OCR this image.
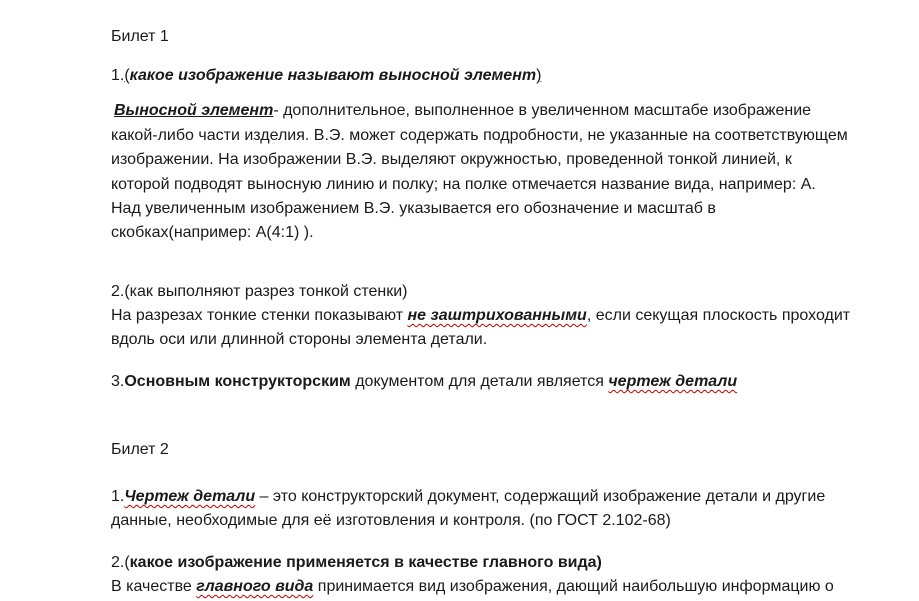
Билет 1
1.(какое изображение называют выносной элемент)
Выносной элемент- дополнительное, выполненное в увеличенном масштабе изображение
какой-либо части изделия. В.Э. может содержать подробности, не указанные на соответствующем
изображении. На изображении В.Э. выделяют окружностью, проведенной тонкой линией, к
которой подводят выносную линию и полку; на полке отмечается название вида, например: А.
Над увеличенным изображением В.Э. указывается его обозначение и масштаб в
скобках(например: А(4:1) ).
2.(как выполняют разрез тонкой стенки)
На разрезах тонкие стенки показывают не заштрихованными, если секущая плоскость проходит
вдоль оси или длинной стороны элемента детали.
3.Основным конструкторским документом для детали является чертеж детали
Билет 2
1.Чертеж детали – это конструкторский документ, содержащий изображение детали и другие
данные, необходимые для её изготовления и контроля. (по ГОСТ 2.102-68)
2.(какое изображение применяется в качестве главного вида)
В качестве главного вида принимается вид изображения, дающий наибольшую информацию о
